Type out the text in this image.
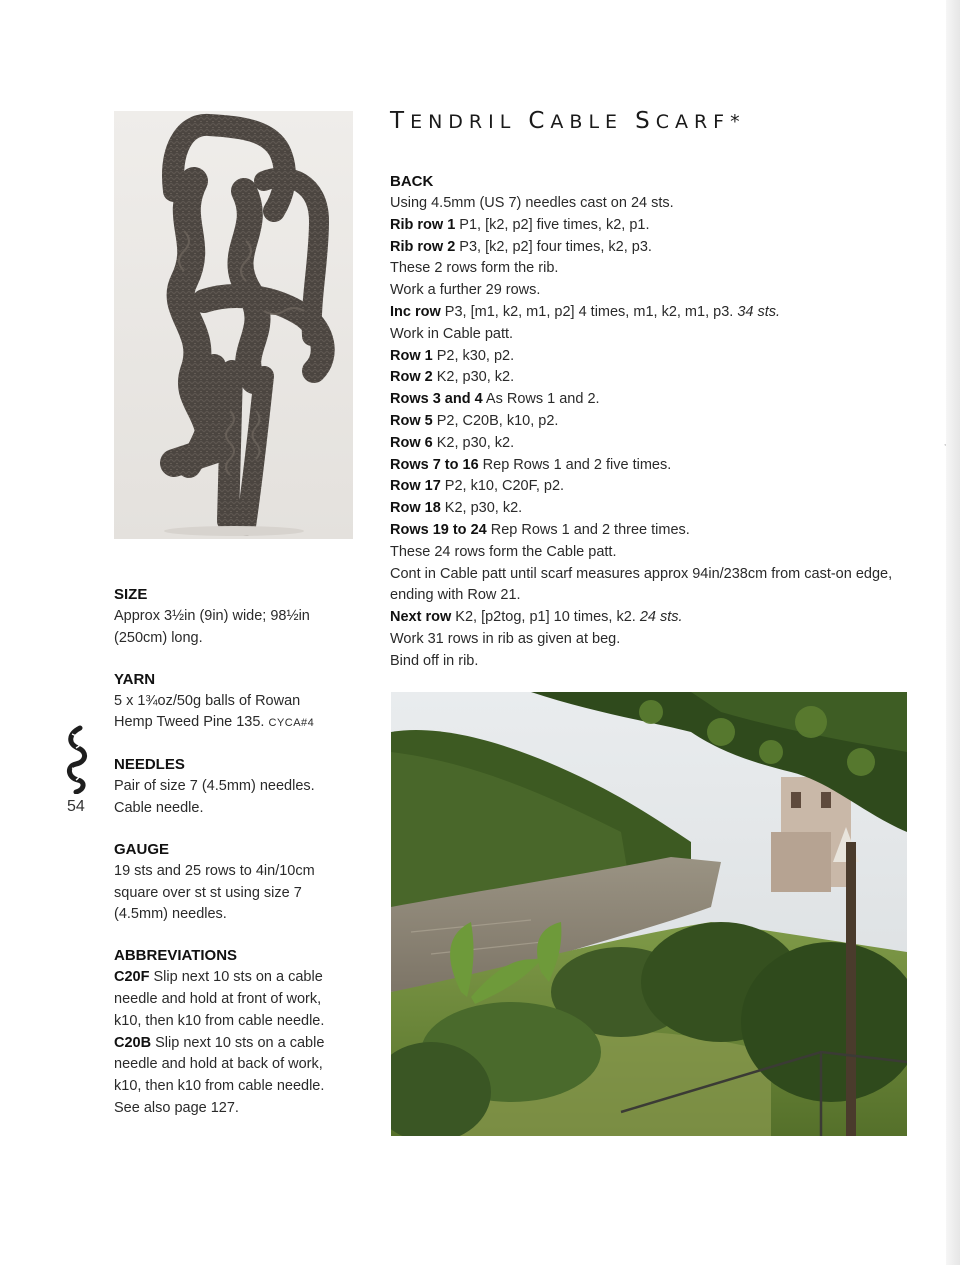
TENDRIL CABLE SCARF*

SIZE

Approx 3½in (9in) wide; 98½in
(250cm) long.

YARN

5 x 1¾oz/50g balls of Rowan
Hemp Tweed Pine 135. CYCA#4

NEEDLES

Pair of size 7 (4.5mm) needles.
Cable needle.

GAUGE

19 sts and 25 rows to 4in/10cm
square over st st using size 7
(4.5mm) needles.

ABBREVIATIONS

C20F Slip next 10 sts on a cable
needle and hold at front of work,
k10, then k10 from cable needle.
C20B Slip next 10 sts on a cable
needle and hold at back of work,
k10, then k10 from cable needle.
See also page 127.

54

BACK

Using 4.5mm (US 7) needles cast on 24 sts.
Rib row 1 P1, [k2, p2] five times, k2, p1.
Rib row 2 P3, [k2, p2] four times, k2, p3.
These 2 rows form the rib.
Work a further 29 rows.
Inc row P3, [m1, k2, m1, p2] 4 times, m1, k2, m1, p3. 34 sts.
Work in Cable patt.
Row 1 P2, k30, p2.
Row 2 K2, p30, k2.
Rows 3 and 4 As Rows 1 and 2.
Row 5 P2, C20B, k10, p2.
Row 6 K2, p30, k2.
Rows 7 to 16 Rep Rows 1 and 2 five times.
Row 17 P2, k10, C20F, p2.
Row 18 K2, p30, k2.
Rows 19 to 24 Rep Rows 1 and 2 three times.
These 24 rows form the Cable patt.
Cont in Cable patt until scarf measures approx 94in/238cm from cast-on edge, ending with Row 21.
Next row K2, [p2tog, p1] 10 times, k2. 24 sts.
Work 31 rows in rib as given at beg.
Bind off in rib.

,
